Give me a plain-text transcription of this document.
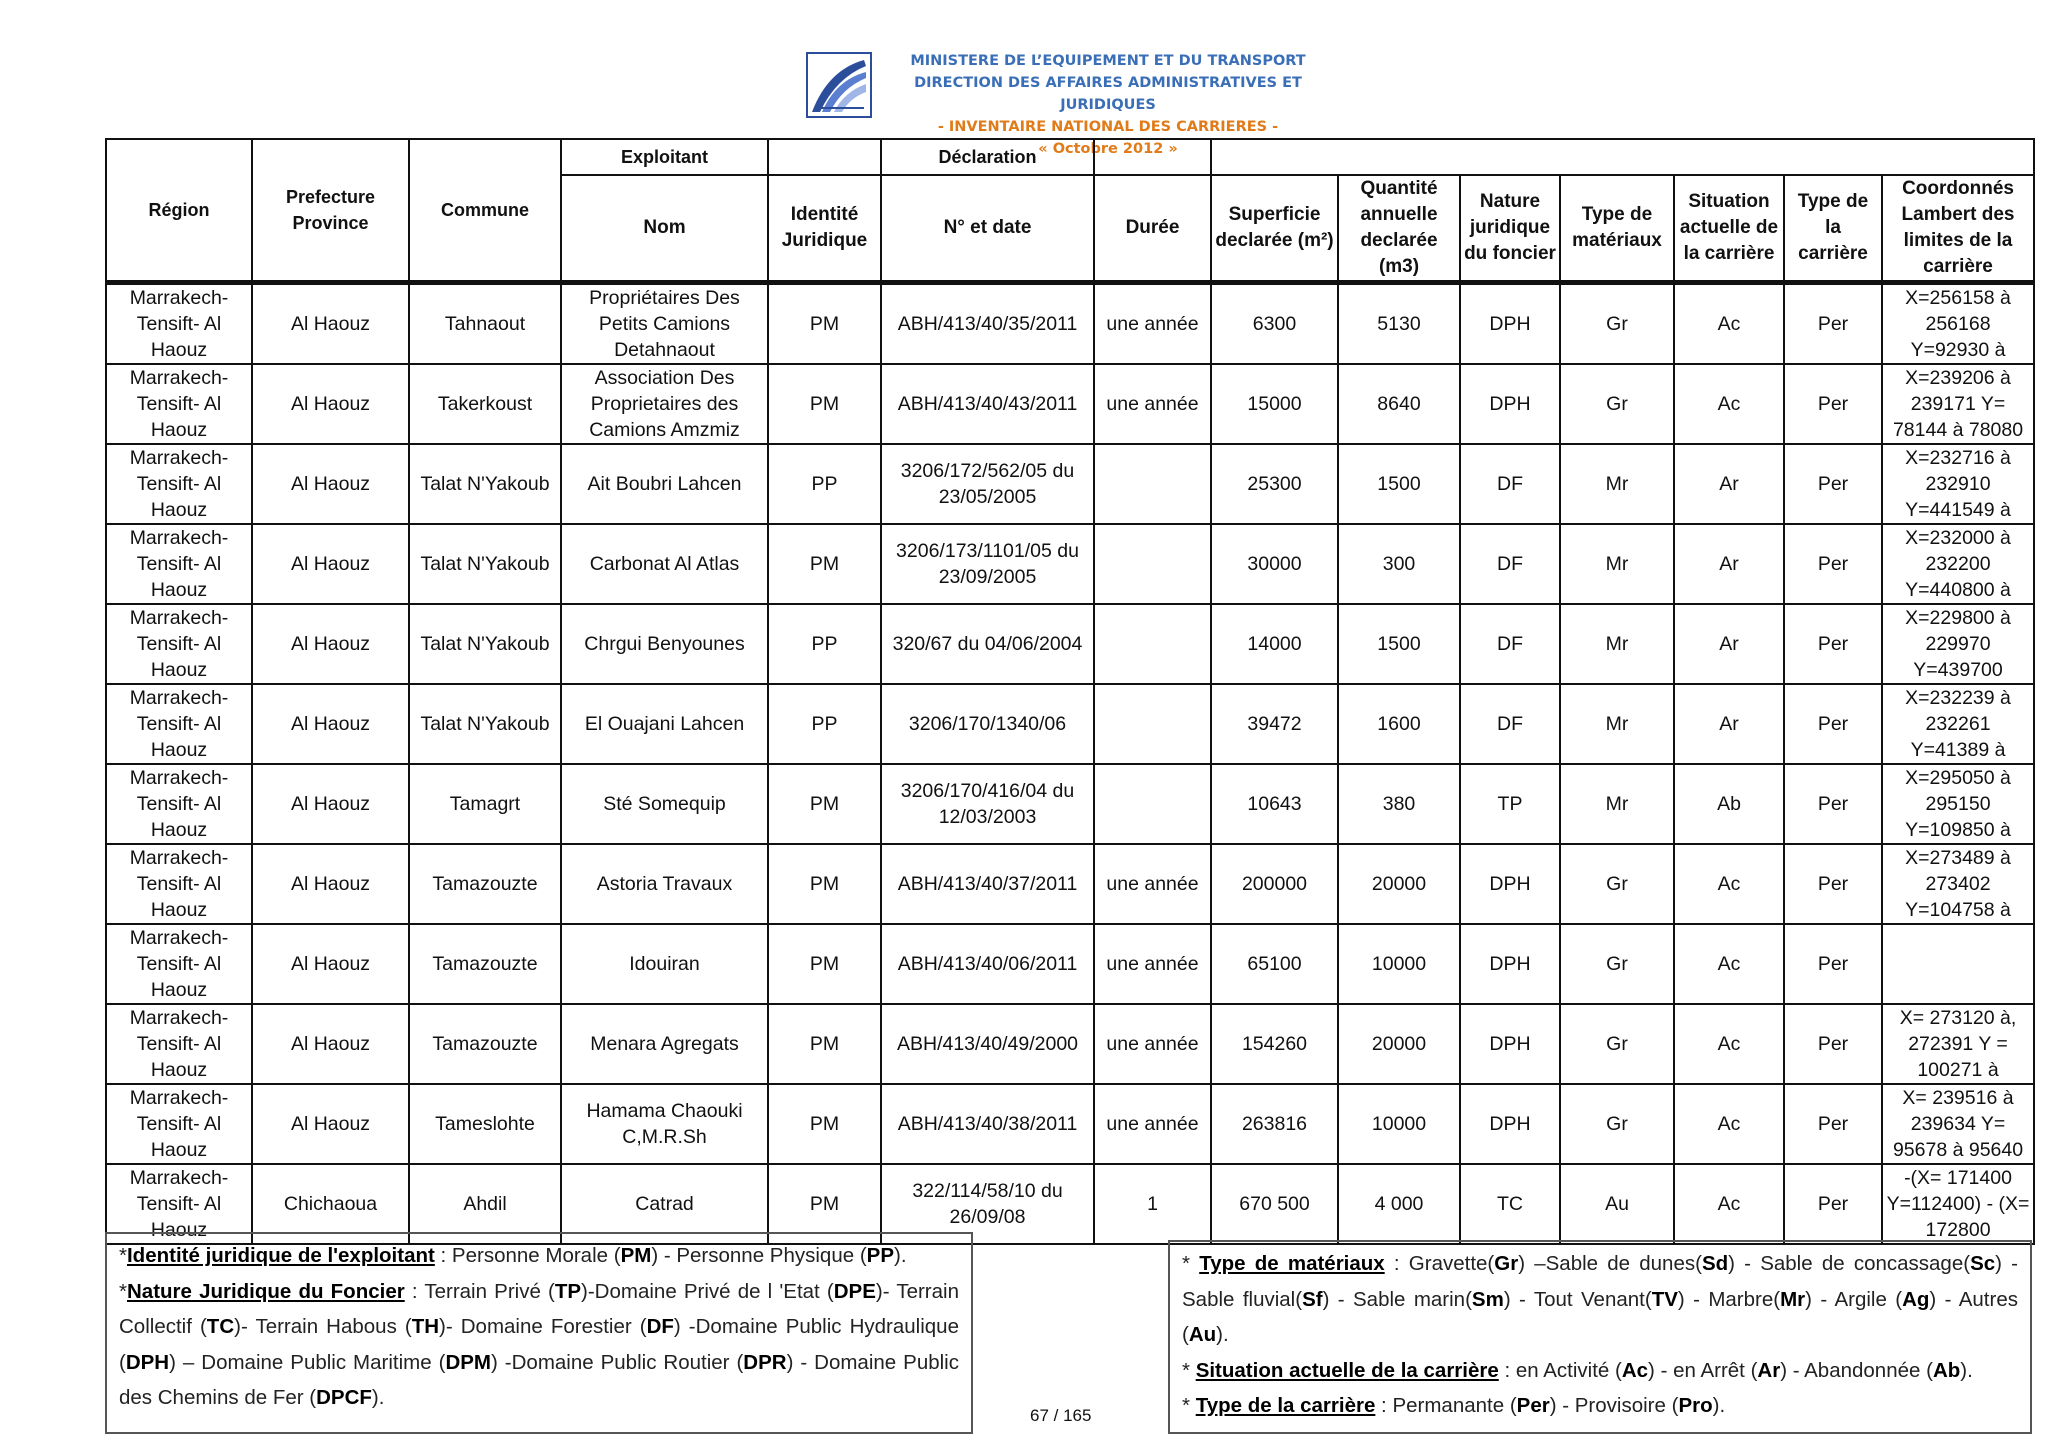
MINISTERE DE L’EQUIPEMENT ET DU TRANSPORT
DIRECTION DES AFFAIRES ADMINISTRATIVES ET JURIDIQUES
- INVENTAIRE NATIONAL DES CARRIERES -
« Octobre 2012 »
Région	Prefecture Province	Commune	Exploitant		Déclaration								
			Nom	Identité Juridique	N° et date	Durée	Superficie declarée (m²)	Quantité annuelle declarée (m3)	Nature juridique du foncier	Type de matériaux	Situation actuelle de la carrière	Type de la carrière	Coordonnés Lambert des limites de la carrière
Marrakech- Tensift- Al Haouz	Al Haouz	Tahnaout	Propriétaires Des Petits Camions Detahnaout	PM	ABH/413/40/35/2011	une année	6300	5130	DPH	Gr	Ac	Per	X=256158 à 256168 Y=92930 à
Marrakech- Tensift- Al Haouz	Al Haouz	Takerkoust	Association Des Proprietaires des Camions Amzmiz	PM	ABH/413/40/43/2011	une année	15000	8640	DPH	Gr	Ac	Per	X=239206 à 239171 Y= 78144 à 78080
Marrakech- Tensift- Al Haouz	Al Haouz	Talat N'Yakoub	Ait Boubri Lahcen	PP	3206/172/562/05 du 23/05/2005		25300	1500	DF	Mr	Ar	Per	X=232716 à 232910 Y=441549 à
Marrakech- Tensift- Al Haouz	Al Haouz	Talat N'Yakoub	Carbonat Al Atlas	PM	3206/173/1101/05 du 23/09/2005		30000	300	DF	Mr	Ar	Per	X=232000 à 232200 Y=440800 à
Marrakech- Tensift- Al Haouz	Al Haouz	Talat N'Yakoub	Chrgui Benyounes	PP	320/67 du 04/06/2004		14000	1500	DF	Mr	Ar	Per	X=229800 à 229970 Y=439700
Marrakech- Tensift- Al Haouz	Al Haouz	Talat N'Yakoub	El Ouajani Lahcen	PP	3206/170/1340/06		39472	1600	DF	Mr	Ar	Per	X=232239 à 232261 Y=41389 à
Marrakech- Tensift- Al Haouz	Al Haouz	Tamagrt	Sté Somequip	PM	3206/170/416/04 du 12/03/2003		10643	380	TP	Mr	Ab	Per	X=295050 à 295150 Y=109850 à
Marrakech- Tensift- Al Haouz	Al Haouz	Tamazouzte	Astoria Travaux	PM	ABH/413/40/37/2011	une année	200000	20000	DPH	Gr	Ac	Per	X=273489 à 273402 Y=104758 à
Marrakech- Tensift- Al Haouz	Al Haouz	Tamazouzte	Idouiran	PM	ABH/413/40/06/2011	une année	65100	10000	DPH	Gr	Ac	Per	
Marrakech- Tensift- Al Haouz	Al Haouz	Tamazouzte	Menara Agregats	PM	ABH/413/40/49/2000	une année	154260	20000	DPH	Gr	Ac	Per	X= 273120 à, 272391 Y = 100271 à
Marrakech- Tensift- Al Haouz	Al Haouz	Tameslohte	Hamama Chaouki C,M.R.Sh	PM	ABH/413/40/38/2011	une année	263816	10000	DPH	Gr	Ac	Per	X= 239516 à 239634 Y= 95678 à 95640
Marrakech- Tensift- Al Haouz	Chichaoua	Ahdil	Catrad	PM	322/114/58/10 du 26/09/08	1	670 500	4 000	TC	Au	Ac	Per	-(X= 171400 Y=112400) - (X= 172800
*Identité juridique de l'exploitant : Personne Morale (PM) - Personne Physique (PP).
*Nature Juridique du Foncier : Terrain Privé (TP)-Domaine Privé de l 'Etat (DPE)- Terrain Collectif (TC)- Terrain Habous (TH)- Domaine Forestier (DF) -Domaine Public Hydraulique (DPH) – Domaine Public Maritime (DPM) -Domaine Public Routier (DPR) - Domaine Public des Chemins de Fer (DPCF).
* Type de matériaux : Gravette(Gr) –Sable de dunes(Sd) - Sable de concassage(Sc) - Sable fluvial(Sf) - Sable marin(Sm) - Tout Venant(TV) - Marbre(Mr) - Argile (Ag) - Autres (Au).
* Situation actuelle de la carrière : en Activité (Ac) - en Arrêt (Ar) - Abandonnée (Ab).
* Type de la carrière : Permanante (Per) - Provisoire (Pro).
67 / 165
